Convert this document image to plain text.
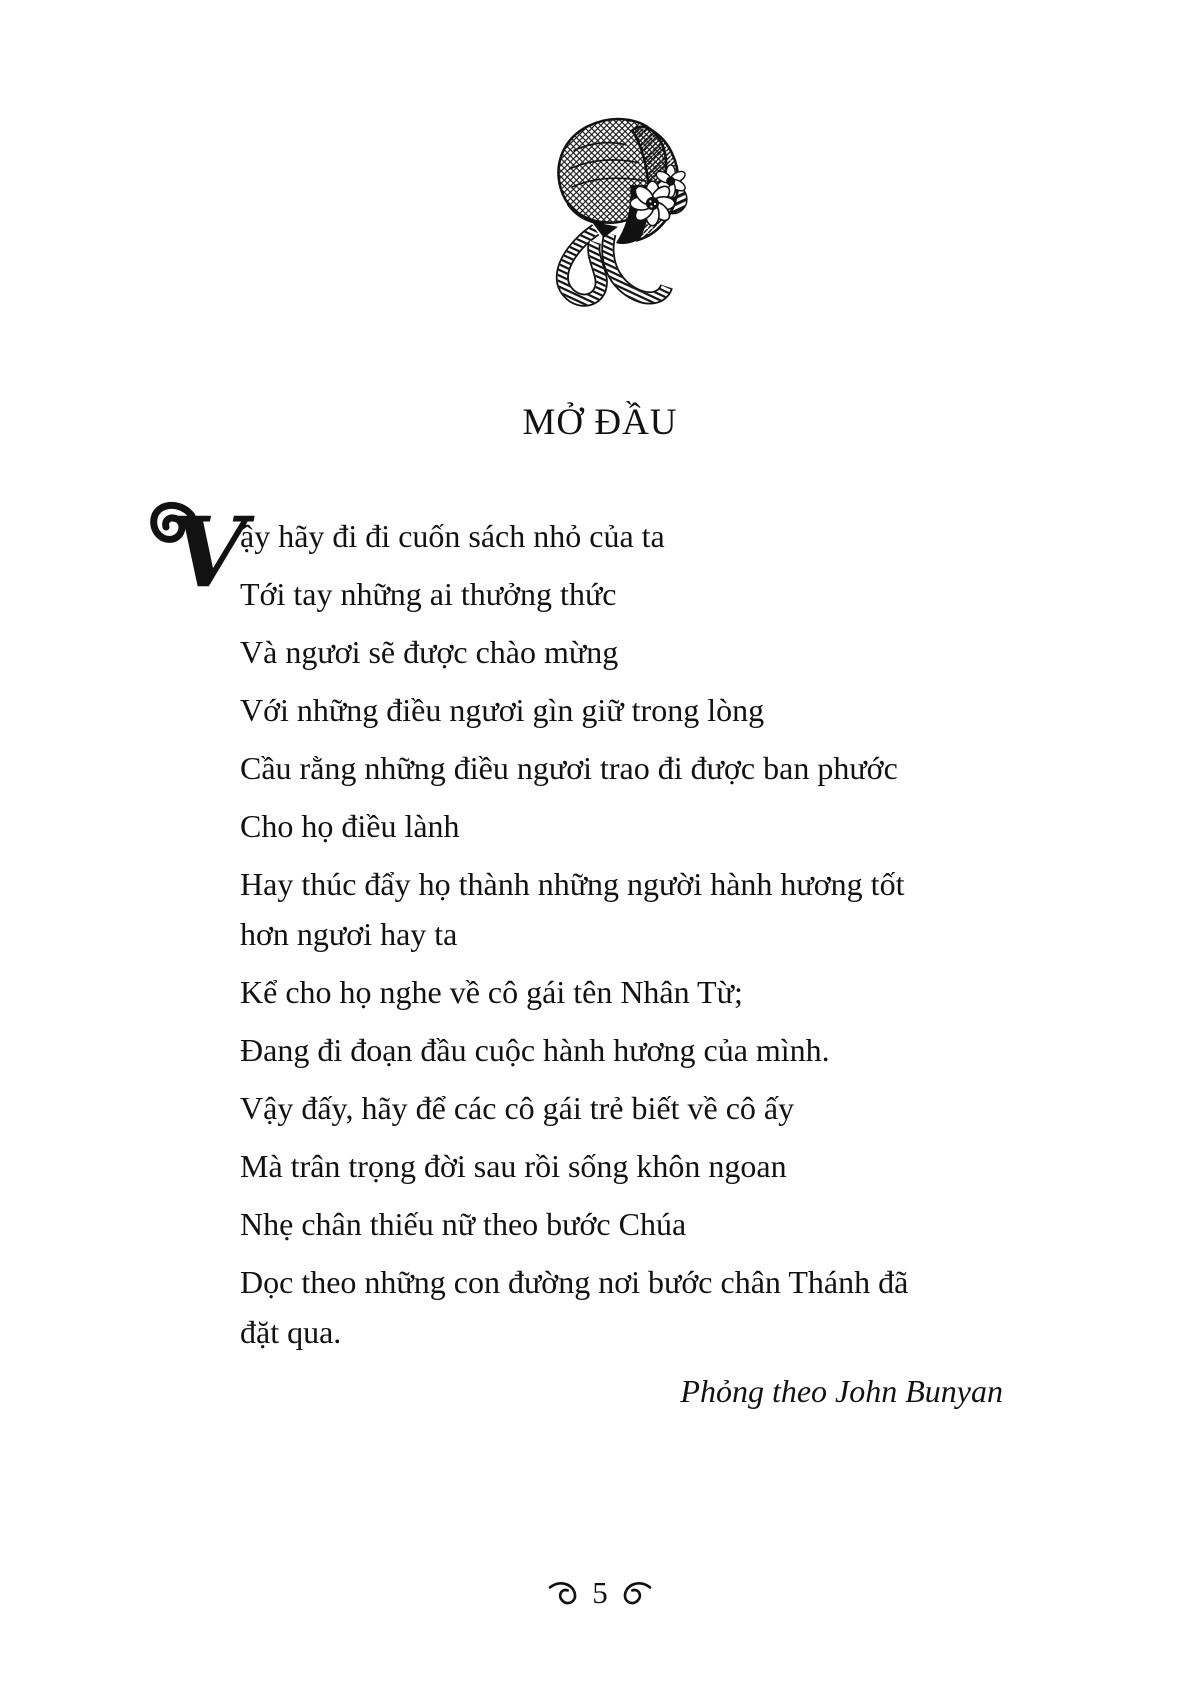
MỞ ĐẦU
V
ậy hãy đi đi cuốn sách nhỏ của ta
Tới tay những ai thưởng thức
Và ngươi sẽ được chào mừng
Với những điều ngươi gìn giữ trong lòng
Cầu rằng những điều ngươi trao đi được ban phước
Cho họ điều lành
Hay thúc đẩy họ thành những người hành hương tốt
hơn ngươi hay ta
Kể cho họ nghe về cô gái tên Nhân Từ;
Đang đi đoạn đầu cuộc hành hương của mình.
Vậy đấy, hãy để các cô gái trẻ biết về cô ấy
Mà trân trọng đời sau rồi sống khôn ngoan
Nhẹ chân thiếu nữ theo bước Chúa
Dọc theo những con đường nơi bước chân Thánh đã
đặt qua.
Phỏng theo John Bunyan
5
